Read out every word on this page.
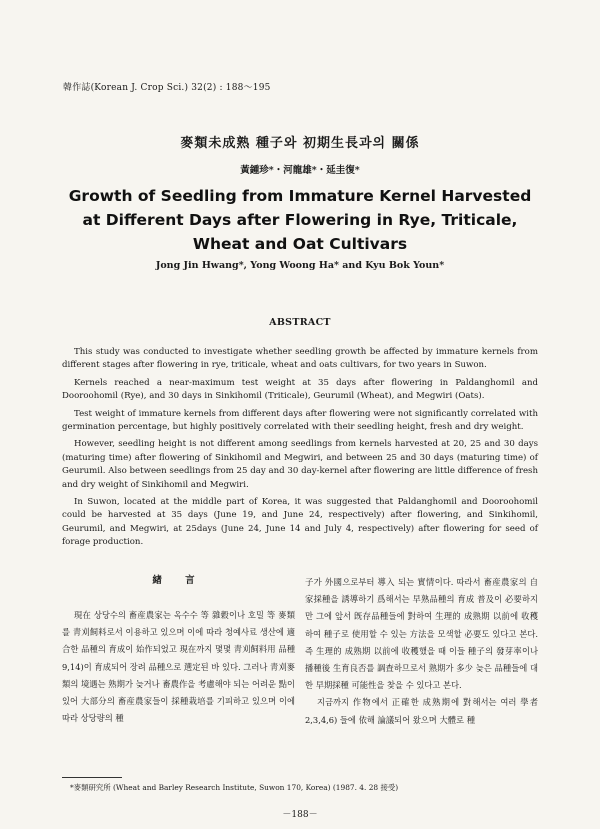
韓作誌(Korean J. Crop Sci.) 32(2) : 188～195
麥類未成熟 種子와 初期生長과의 關係
黃鍾珍*・河龍雄*・延圭復*
Growth of Seedling from Immature Kernel Harvested
at Different Days after Flowering in Rye, Triticale,
Wheat and Oat Cultivars
Jong Jin Hwang*, Yong Woong Ha* and Kyu Bok Youn*
ABSTRACT

This study was conducted to investigate whether seedling growth be affected by immature kernels from different stages after flowering in rye, triticale, wheat and oats cultivars, for two years in Suwon.

Kernels reached a near-maximum test weight at 35 days after flowering in Paldanghomil and Dooroohomil (Rye), and 30 days in Sinkihomil (Triticale), Geurumil (Wheat), and Megwiri (Oats).

Test weight of immature kernels from different days after flowering were not significantly correlated with germination percentage, but highly positively correlated with their seedling height, fresh and dry weight.

However, seedling height is not different among seedlings from kernels harvested at 20, 25 and 30 days (maturing time) after flowering of Sinkihomil and Megwiri, and between 25 and 30 days (maturing time) of Geurumil. Also between seedlings from 25 day and 30 day-kernel after flowering are little difference of fresh and dry weight of Sinkihomil and Megwiri.

In Suwon, located at the middle part of Korea, it was suggested that Paldanghomil and Dooroohomil could be harvested at 35 days (June 19, and June 24, respectively) after flowering, and Sinkihomil, Geurumil, and Megwiri, at 25days (June 24, June 14 and July 4, respectively) after flowering for seed of forage production.

緖 言

現在 상당수의 畜産農家는 옥수수 等 雜穀이나 호밀 等 麥類를 靑刈飼料로서 이용하고 있으며 이에 따라 청예사료 생산에 適合한 品種의 育成이 始作되었고 現在까지 몇몇 靑刈飼料用 品種9,14)이 育成되어 장려 品種으로 選定된 바 있다. 그러나 靑刈麥類의 境遇는 熟期가 늦거나 畜農作을 考慮해야 되는 어려운 點이 있어 大部分의 畜産農家들이 採種栽培를 기피하고 있으며 이에 따라 상당량의 種

子가 外國으로부터 導入 되는 實情이다. 따라서 畜産農家의 自家採種을 誘導하기 爲해서는 早熟品種의 育成 普及이 必要하지만 그에 앞서 旣存品種들에 對하여 生理的 成熟期 以前에 收穫하여 種子로 使用할 수 있는 方法을 모색할 必要도 있다고 본다. 즉 生理的 成熟期 以前에 收穫했을 때 이들 種子의 發芽率이나 播種後 生育良否를 調査하므로서 熟期가 多少 늦은 品種들에 대한 早期採種 可能性을 찾을 수 있다고 본다.

지금까지 作物에서 正確한 成熟期에 對해서는 여러 學者2,3,4,6) 들에 依해 論議되어 왔으며 大體로 種

*麥類研究所 (Wheat and Barley Research Institute, Suwon 170, Korea) (1987. 4. 28 接受)
－188－
